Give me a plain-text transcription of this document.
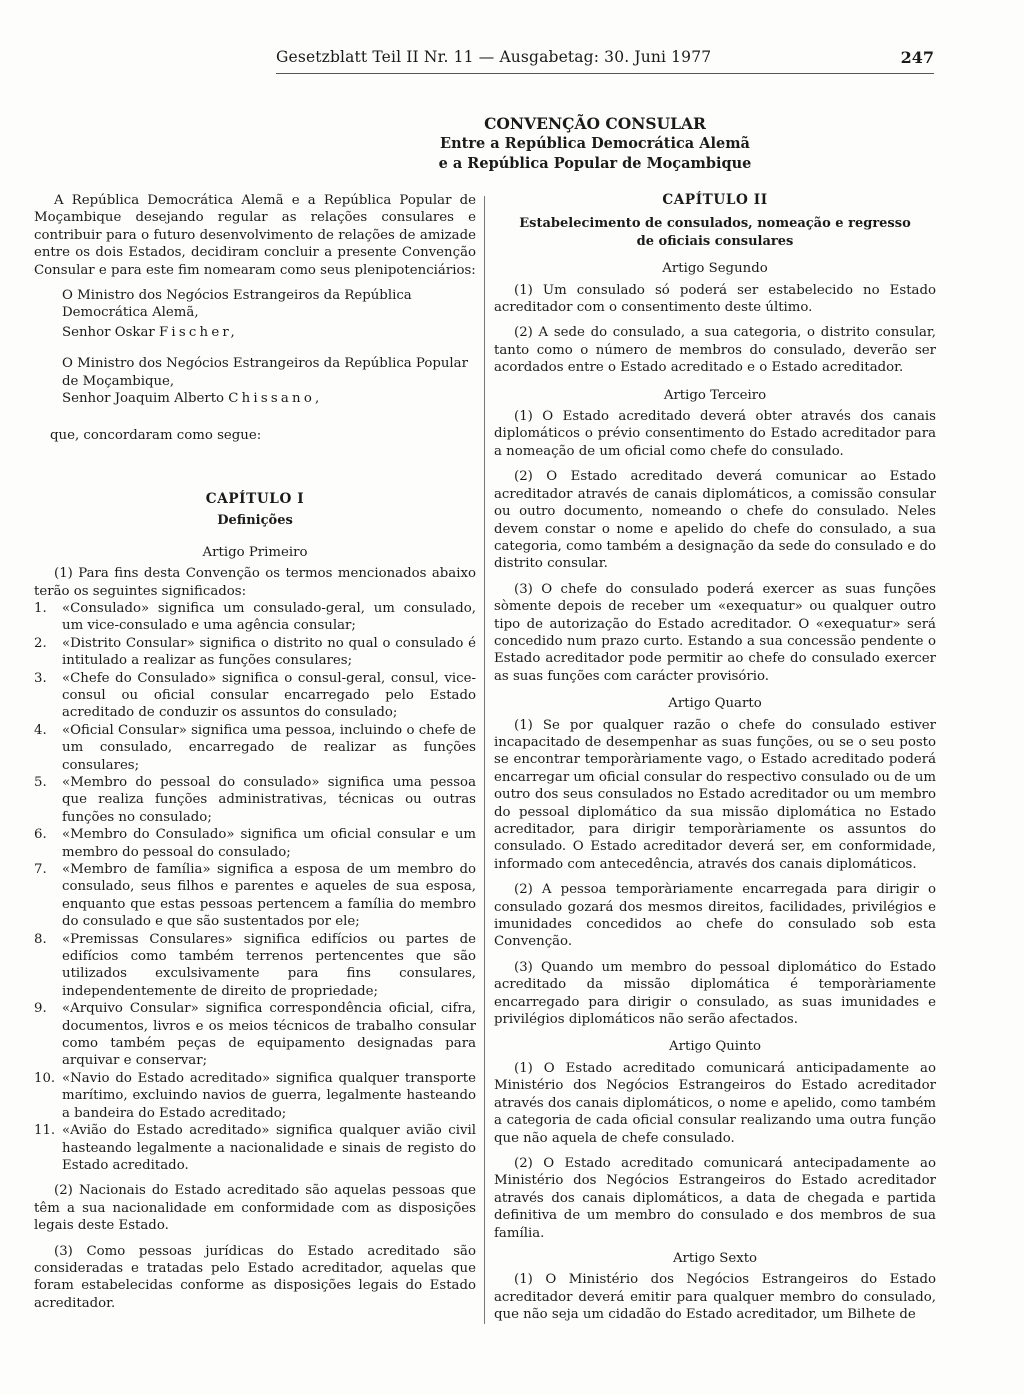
Gesetzblatt Teil II Nr. 11 — Ausgabetag: 30. Juni 1977	247
CONVENÇÃO CONSULAR
Entre a República Democrática Alemã
e a República Popular de Moçambique

A República Democrática Alemã e a República Popular de Moçambique desejando regular as relações consulares e contribuir para o futuro desenvolvimento de relações de amizade entre os dois Estados, decidiram concluir a presente Convenção Consular e para este fim nomearam como seus plenipotenciários:

O Ministro dos Negócios Estrangeiros da República Democrática Alemã,

Senhor Oskar Fischer,

O Ministro dos Negócios Estrangeiros da República Popular de Moçambique,

Senhor Joaquim Alberto Chissano,

que, concordaram como segue:

CAPÍTULO I

Definições

Artigo Primeiro

(1) Para fins desta Convenção os termos mencionados abaixo terão os seguintes significados:

1.	«Consulado» significa um consulado-geral, um consulado, um vice-consulado e uma agência consular;
2.	«Distrito Consular» significa o distrito no qual o consulado é intitulado a realizar as funções consulares;
3.	«Chefe do Consulado» significa o consul-geral, consul, vice-consul ou oficial consular encarregado pelo Estado acreditado de conduzir os assuntos do consulado;
4.	«Oficial Consular» significa uma pessoa, incluindo o chefe de um consulado, encarregado de realizar as funções consulares;
5.	«Membro do pessoal do consulado» significa uma pessoa que realiza funções administrativas, técnicas ou outras funções no consulado;
6.	«Membro do Consulado» significa um oficial consular e um membro do pessoal do consulado;
7.	«Membro de família» significa a esposa de um membro do consulado, seus filhos e parentes e aqueles de sua esposa, enquanto que estas pessoas pertencem a família do membro do consulado e que são sustentados por ele;
8.	«Premissas Consulares» significa edifícios ou partes de edifícios como também terrenos pertencentes que são utilizados exculsivamente para fins consulares, independentemente de direito de propriedade;
9.	«Arquivo Consular» significa correspondência oficial, cifra, documentos, livros e os meios técnicos de trabalho consular como também peças de equipamento designadas para arquivar e conservar;
10. «Navio do Estado acreditado» significa qualquer transporte marítimo, excluindo navios de guerra, legalmente hasteando a bandeira do Estado acreditado;
11. «Avião do Estado acreditado» significa qualquer avião civil hasteando legalmente a nacionalidade e sinais de registo do Estado acreditado.

(2) Nacionais do Estado acreditado são aquelas pessoas que têm a sua nacionalidade em conformidade com as disposições legais deste Estado.

(3) Como pessoas jurídicas do Estado acreditado são consideradas e tratadas pelo Estado acreditador, aquelas que foram estabelecidas conforme as disposições legais do Estado acreditador.

CAPÍTULO II

Estabelecimento de consulados, nomeação e regresso

de oficiais consulares

Artigo Segundo

(1) Um consulado só poderá ser estabelecido no Estado acreditador com o consentimento deste último.

(2) A sede do consulado, a sua categoria, o distrito consular, tanto como o número de membros do consulado, deverão ser acordados entre o Estado acreditado e o Estado acreditador.

Artigo Terceiro

(1) O Estado acreditado deverá obter através dos canais diplomáticos o prévio consentimento do Estado acreditador para a nomeação de um oficial como chefe do consulado.

(2) O Estado acreditado deverá comunicar ao Estado acreditador através de canais diplomáticos, a comissão consular ou outro documento, nomeando o chefe do consulado. Neles devem constar o nome e apelido do chefe do consulado, a sua categoria, como também a designação da sede do consulado e do distrito consular.

(3) O chefe do consulado poderá exercer as suas funções sòmente depois de receber um «exequatur» ou qualquer outro tipo de autorização do Estado acreditador. O «exequatur» será concedido num prazo curto. Estando a sua concessão pendente o Estado acreditador pode permitir ao chefe do consulado exercer as suas funções com carácter provisório.

Artigo Quarto

(1) Se por qualquer razão o chefe do consulado estiver incapacitado de desempenhar as suas funções, ou se o seu posto se encontrar temporàriamente vago, o Estado acreditado poderá encarregar um oficial consular do respectivo consulado ou de um outro dos seus consulados no Estado acreditador ou um membro do pessoal diplomático da sua missão diplomática no Estado acreditador, para dirigir temporàriamente os assuntos do consulado. O Estado acreditador deverá ser, em conformidade, informado com antecedência, através dos canais diplomáticos.

(2) A pessoa temporàriamente encarregada para dirigir o consulado gozará dos mesmos direitos, facilidades, privilégios e imunidades concedidos ao chefe do consulado sob esta Convenção.

(3) Quando um membro do pessoal diplomático do Estado acreditado da missão diplomática é temporàriamente encarregado para dirigir o consulado, as suas imunidades e privilégios diplomáticos não serão afectados.

Artigo Quinto

(1) O Estado acreditado comunicará anticipadamente ao Ministério dos Negócios Estrangeiros do Estado acreditador através dos canais diplomáticos, o nome e apelido, como também a categoria de cada oficial consular realizando uma outra função que não aquela de chefe consulado.

(2) O Estado acreditado comunicará antecipadamente ao Ministério dos Negócios Estrangeiros do Estado acreditador através dos canais diplomáticos, a data de chegada e partida definitiva de um membro do consulado e dos membros de sua família.

Artigo Sexto

(1) O Ministério dos Negócios Estrangeiros do Estado acreditador deverá emitir para qualquer membro do consulado, que não seja um cidadão do Estado acreditador, um Bilhete de
